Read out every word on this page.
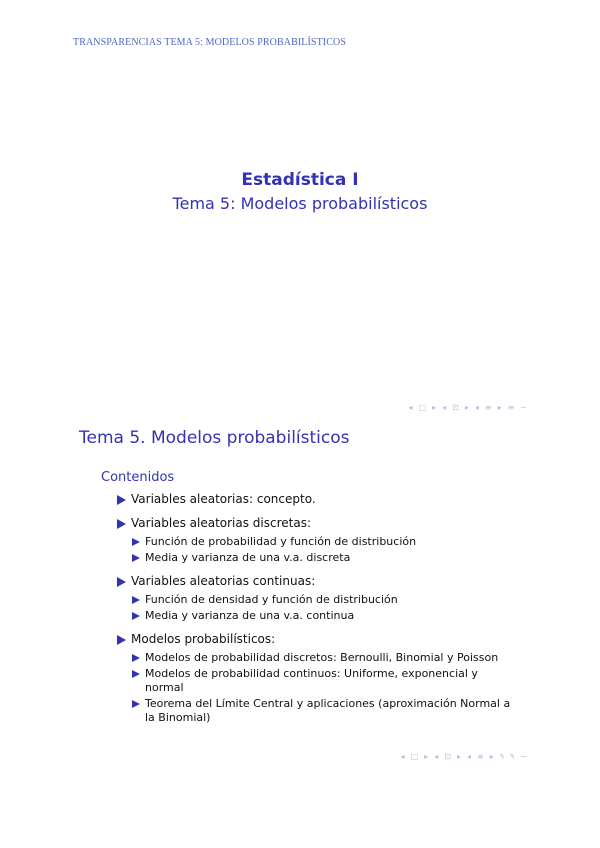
TRANSPARENCIAS TEMA 5: MODELOS PROBABILÍSTICOS
Estadística I
Tema 5: Modelos probabilísticos
◂ □ ▸ ◂ ⊡ ▸ ◂ ≡ ▸ ≡ ∽
Tema 5. Modelos probabilísticos
Contenidos
Variables aleatorias: concepto.
Variables aleatorias discretas:
Función de probabilidad y función de distribución
Media y varianza de una v.a. discreta
Variables aleatorias continuas:
Función de densidad y función de distribución
Media y varianza de una v.a. continua
Modelos probabilísticos:
Modelos de probabilidad discretos: Bernoulli, Binomial y Poisson
Modelos de probabilidad continuos: Uniforme, exponencial y normal
Teorema del Límite Central y aplicaciones (aproximación Normal a la Binomial)
◂ □ ▸ ◂ ⊡ ▸ ◂ ≡ ▸ ۹ ۹ ∼
